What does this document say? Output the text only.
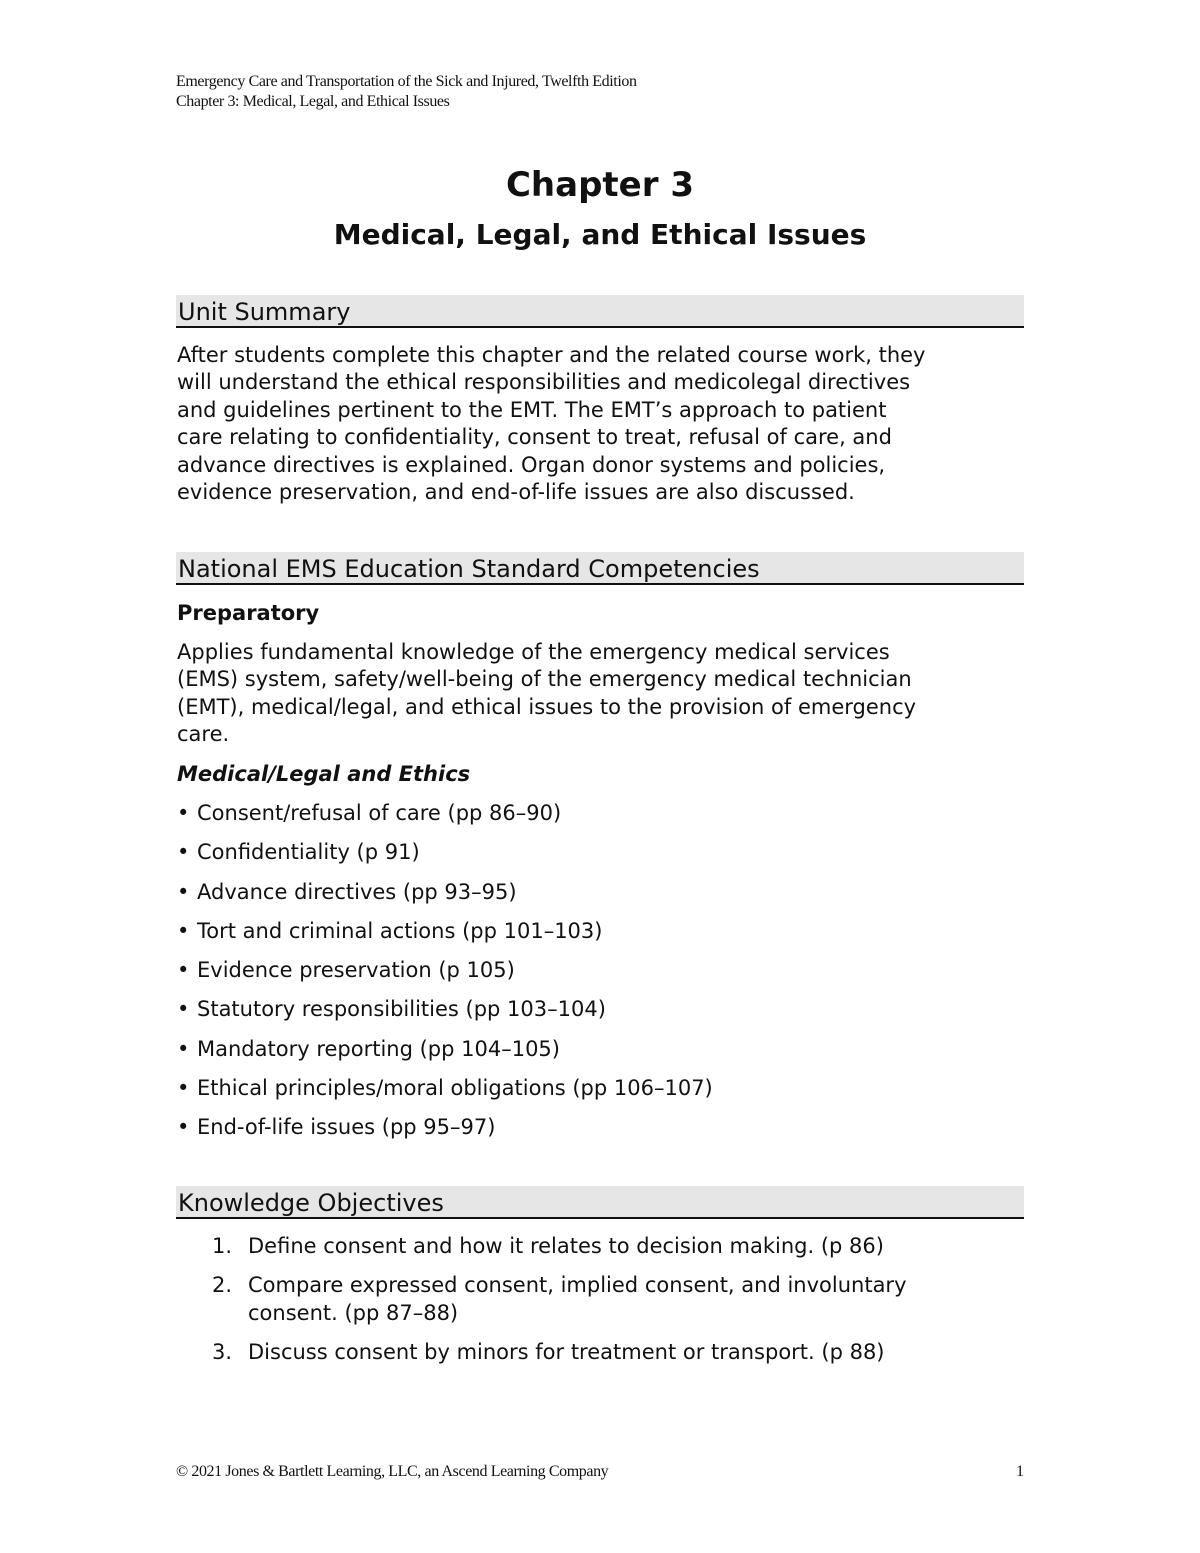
Emergency Care and Transportation of the Sick and Injured, Twelfth Edition
Chapter 3: Medical, Legal, and Ethical Issues
Chapter 3
Medical, Legal, and Ethical Issues
Unit Summary

After students complete this chapter and the related course work, they
will understand the ethical responsibilities and medicolegal directives
and guidelines pertinent to the EMT. The EMT’s approach to patient
care relating to confidentiality, consent to treat, refusal of care, and
advance directives is explained. Organ donor systems and policies,
evidence preservation, and end-of-life issues are also discussed.

National EMS Education Standard Competencies
Preparatory

Applies fundamental knowledge of the emergency medical services
(EMS) system, safety/well-being of the emergency medical technician
(EMT), medical/legal, and ethical issues to the provision of emergency
care.

Medical/Legal and Ethics
• Consent/refusal of care (pp 86–90)
• Confidentiality (p 91)
• Advance directives (pp 93–95)
• Tort and criminal actions (pp 101–103)
• Evidence preservation (p 105)
• Statutory responsibilities (pp 103–104)
• Mandatory reporting (pp 104–105)
• Ethical principles/moral obligations (pp 106–107)
• End-of-life issues (pp 95–97)
Knowledge Objectives
1. Define consent and how it relates to decision making. (p 86)
2. Compare expressed consent, implied consent, and involuntary
consent. (pp 87–88)
3. Discuss consent by minors for treatment or transport. (p 88)
© 2021 Jones & Bartlett Learning, LLC, an Ascend Learning Company	1
